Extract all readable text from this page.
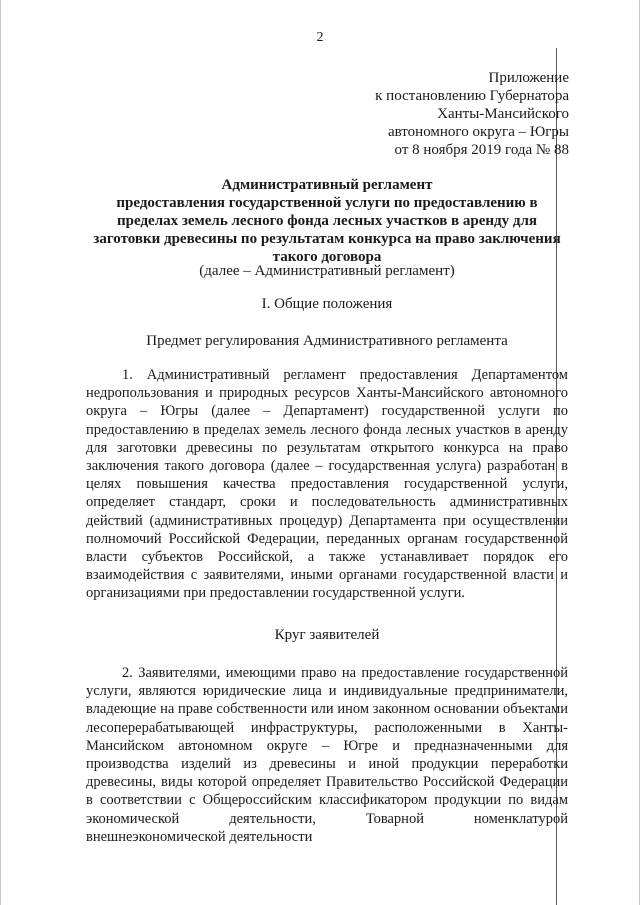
2
Приложение
к постановлению Губернатора
Ханты-Мансийского
автономного округа – Югры
от 8 ноября 2019 года № 88
Административный регламент
предоставления государственной услуги по предоставлению в
пределах земель лесного фонда лесных участков в аренду для
заготовки древесины по результатам конкурса на право заключения
такого договора
(далее – Административный регламент)
I. Общие положения
Предмет регулирования Административного регламента
1. Административный регламент предоставления Департаментом недропользования и природных ресурсов Ханты-Мансийского автономного округа – Югры (далее – Департамент) государственной услуги по предоставлению в пределах земель лесного фонда лесных участков в аренду для заготовки древесины по результатам открытого конкурса на право заключения такого договора (далее – государственная услуга) разработан в целях повышения качества предоставления государственной услуги, определяет стандарт, сроки и последовательность административных действий (административных процедур) Департамента при осуществлении полномочий Российской Федерации, переданных органам государственной власти субъектов Российской, а также устанавливает порядок его взаимодействия с заявителями, иными органами государственной власти и организациями при предоставлении государственной услуги.
Круг заявителей
2. Заявителями, имеющими право на предоставление государственной услуги, являются юридические лица и индивидуальные предприниматели, владеющие на праве собственности или ином законном основании объектами лесоперерабатывающей инфраструктуры, расположенными в Ханты-Мансийском автономном округе – Югре и предназначенными для производства изделий из древесины и иной продукции переработки древесины, виды которой определяет Правительство Российской Федерации в соответствии с Общероссийским классификатором продукции по видам экономической деятельности, Товарной номенклатурой внешнеэкономической деятельности
